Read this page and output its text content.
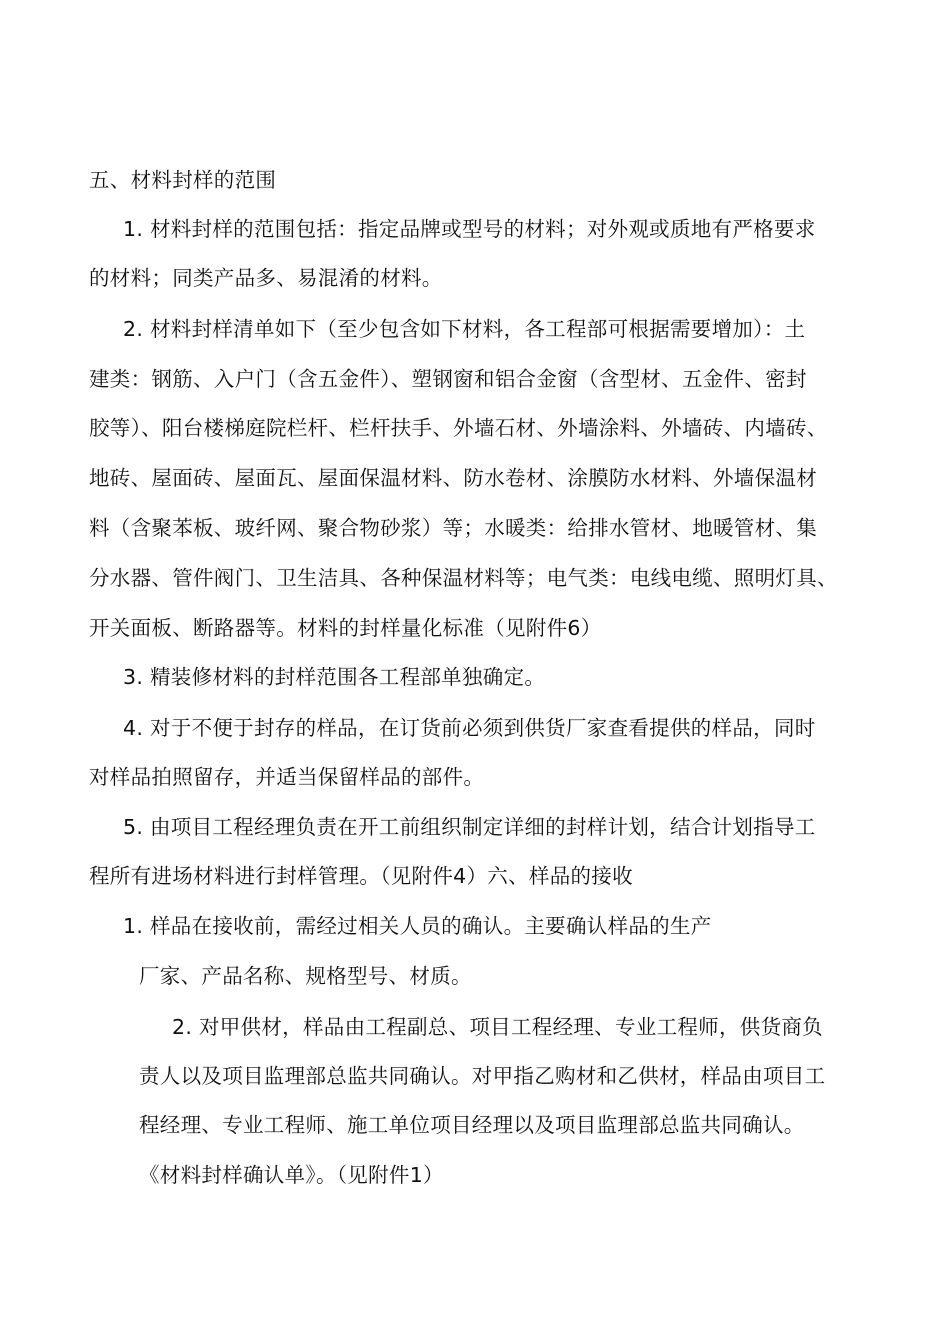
五、材料封样的范围
1. 材料封样的范围包括：指定品牌或型号的材料；对外观或质地有严格要求
的材料；同类产品多、易混淆的材料。
2. 材料封样清单如下（至少包含如下材料，各工程部可根据需要增加）：土
建类：钢筋、入户门（含五金件）、塑钢窗和铝合金窗（含型材、五金件、密封
胶等）、阳台楼梯庭院栏杆、栏杆扶手、外墙石材、外墙涂料、外墙砖、内墙砖、
地砖、屋面砖、屋面瓦、屋面保温材料、防水卷材、涂膜防水材料、外墙保温材
料（含聚苯板、玻纤网、聚合物砂浆）等；水暖类：给排水管材、地暖管材、集
分水器、管件阀门、卫生洁具、各种保温材料等；电气类：电线电缆、照明灯具、
开关面板、断路器等。材料的封样量化标准（见附件6）
3. 精装修材料的封样范围各工程部单独确定。
4. 对于不便于封存的样品，在订货前必须到供货厂家查看提供的样品，同时
对样品拍照留存，并适当保留样品的部件。
5. 由项目工程经理负责在开工前组织制定详细的封样计划，结合计划指导工
程所有进场材料进行封样管理。（见附件4）六、样品的接收
1. 样品在接收前，需经过相关人员的确认。主要确认样品的生产
厂家、产品名称、规格型号、材质。
2. 对甲供材，样品由工程副总、项目工程经理、专业工程师，供货商负
责人以及项目监理部总监共同确认。对甲指乙购材和乙供材，样品由项目工
程经理、专业工程师、施工单位项目经理以及项目监理部总监共同确认。
《材料封样确认单》。（见附件1）
